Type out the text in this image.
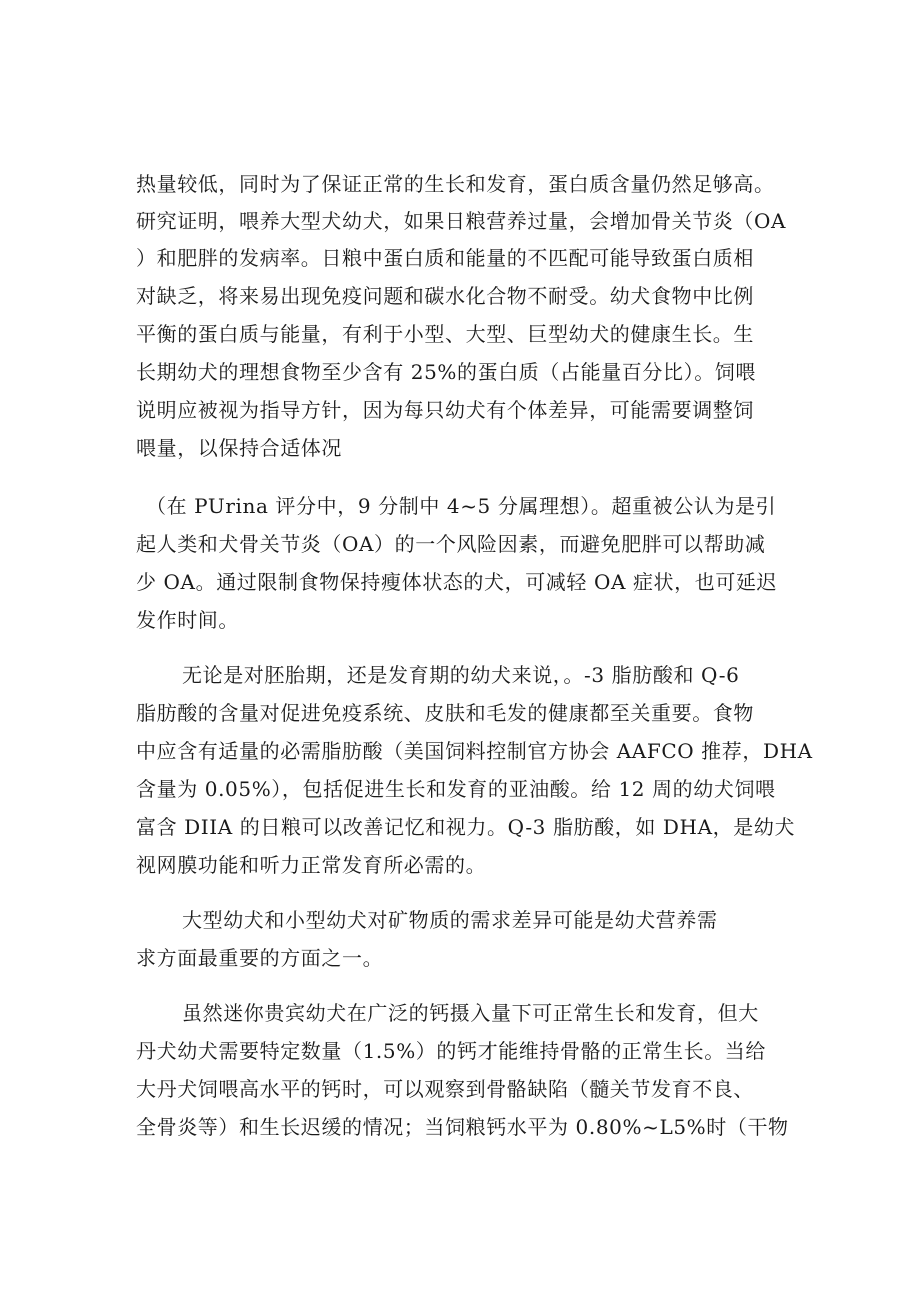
热量较低，同时为了保证正常的生长和发育，蛋白质含量仍然足够高。
研究证明，喂养大型犬幼犬，如果日粮营养过量，会增加骨关节炎（OA
）和肥胖的发病率。日粮中蛋白质和能量的不匹配可能导致蛋白质相
对缺乏，将来易出现免疫问题和碳水化合物不耐受。幼犬食物中比例
平衡的蛋白质与能量，有利于小型、大型、巨型幼犬的健康生长。生
长期幼犬的理想食物至少含有 25%的蛋白质（占能量百分比）。饲喂
说明应被视为指导方针，因为每只幼犬有个体差异，可能需要调整饲
喂量，以保持合适体况
（在 PUrina 评分中，9 分制中 4~5 分属理想）。超重被公认为是引
起人类和犬骨关节炎（OA）的一个风险因素，而避免肥胖可以帮助减
少 OA。通过限制食物保持瘦体状态的犬，可减轻 OA 症状，也可延迟
发作时间。
无论是对胚胎期，还是发育期的幼犬来说，。-3 脂肪酸和 Q-6
脂肪酸的含量对促进免疫系统、皮肤和毛发的健康都至关重要。食物
中应含有适量的必需脂肪酸（美国饲料控制官方协会 AAFCO 推荐，DHA
含量为 0.05%），包括促进生长和发育的亚油酸。给 12 周的幼犬饲喂
富含 DIIA 的日粮可以改善记忆和视力。Q-3 脂肪酸，如 DHA，是幼犬
视网膜功能和听力正常发育所必需的。
大型幼犬和小型幼犬对矿物质的需求差异可能是幼犬营养需
求方面最重要的方面之一。
虽然迷你贵宾幼犬在广泛的钙摄入量下可正常生长和发育，但大
丹犬幼犬需要特定数量（1.5%）的钙才能维持骨骼的正常生长。当给
大丹犬饲喂高水平的钙时，可以观察到骨骼缺陷（髓关节发育不良、
全骨炎等）和生长迟缓的情况；当饲粮钙水平为 0.80%~L5%时（干物
